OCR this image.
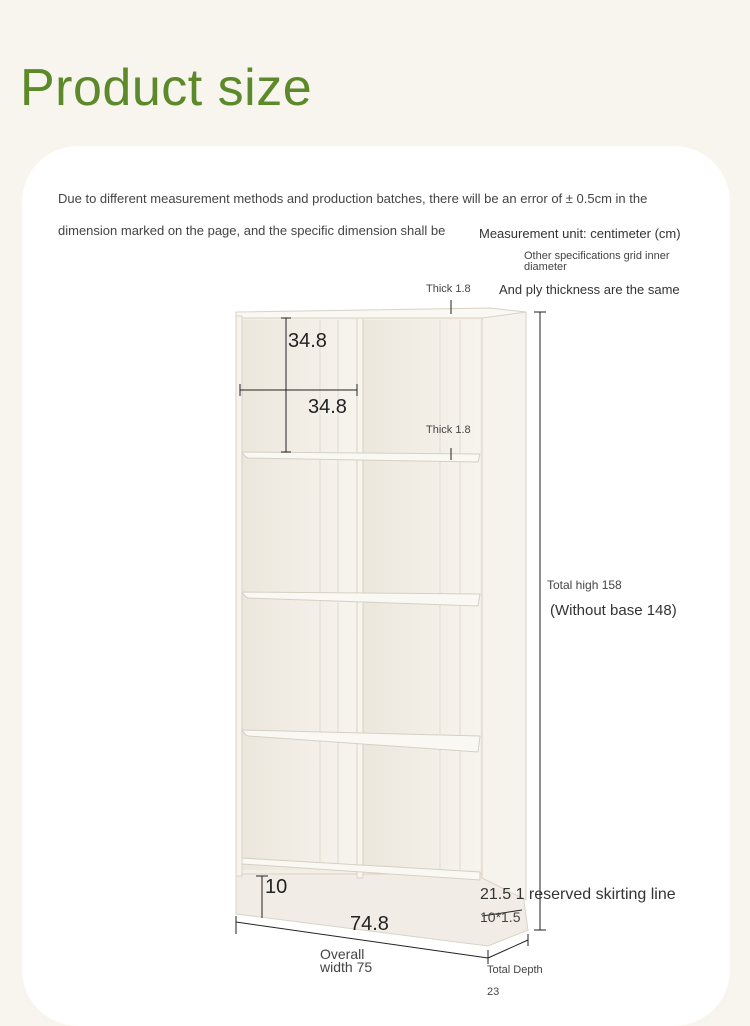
Product size
Due to different measurement methods and production batches, there will be an error of ± 0.5cm in the
dimension marked on the page, and the specific dimension shall be	Measurement unit: centimeter (cm)
Other specifications grid inner
diameter
And ply thickness are the same
Thick 1.8
Thick 1.8
34.8
34.8
Total high 158
(Without base 148)
10	21.5 1 reserved skirting line
10*1.5
74.8
Overall
width 75	Total Depth
23
